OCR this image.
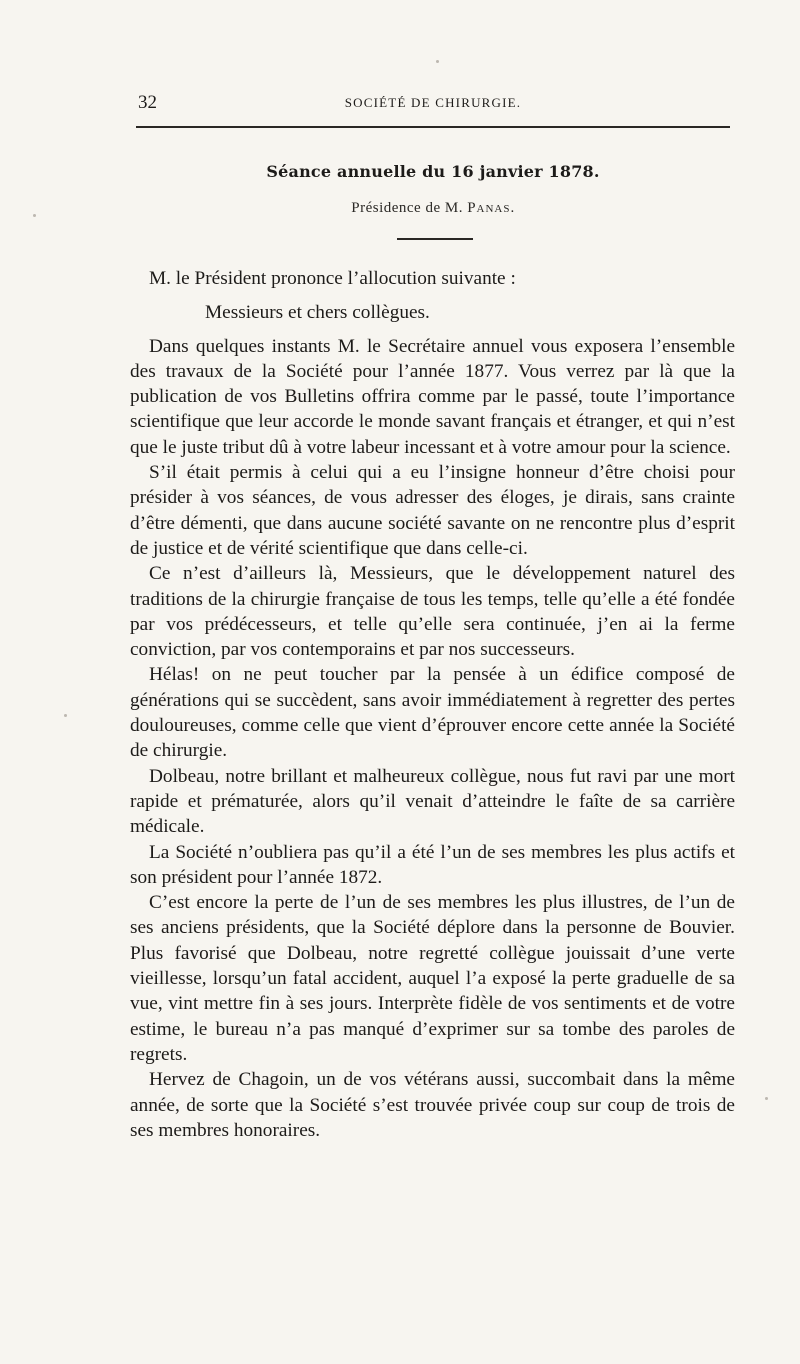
32	SOCIÉTÉ DE CHIRURGIE.
Séance annuelle du 16 janvier 1878.
Présidence de M. Panas.

M. le Président prononce l’allocution suivante :

Messieurs et chers collègues.

Dans quelques instants M. le Secrétaire annuel vous exposera l’ensemble des travaux de la Société pour l’année 1877. Vous verrez par là que la publication de vos Bulletins offrira comme par le passé, toute l’importance scientifique que leur accorde le monde savant français et étranger, et qui n’est que le juste tribut dû à votre labeur incessant et à votre amour pour la science.

S’il était permis à celui qui a eu l’insigne honneur d’être choisi pour présider à vos séances, de vous adresser des éloges, je dirais, sans crainte d’être démenti, que dans aucune société savante on ne rencontre plus d’esprit de justice et de vérité scientifique que dans celle-ci.

Ce n’est d’ailleurs là, Messieurs, que le développement naturel des traditions de la chirurgie française de tous les temps, telle qu’elle a été fondée par vos prédécesseurs, et telle qu’elle sera continuée, j’en ai la ferme conviction, par vos contemporains et par nos successeurs.

Hélas! on ne peut toucher par la pensée à un édifice composé de générations qui se succèdent, sans avoir immédiatement à regretter des pertes douloureuses, comme celle que vient d’éprouver encore cette année la Société de chirurgie.

Dolbeau, notre brillant et malheureux collègue, nous fut ravi par une mort rapide et prématurée, alors qu’il venait d’atteindre le faîte de sa carrière médicale.

La Société n’oubliera pas qu’il a été l’un de ses membres les plus actifs et son président pour l’année 1872.

C’est encore la perte de l’un de ses membres les plus illustres, de l’un de ses anciens présidents, que la Société déplore dans la personne de Bouvier. Plus favorisé que Dolbeau, notre regretté collègue jouissait d’une verte vieillesse, lorsqu’un fatal accident, auquel l’a exposé la perte graduelle de sa vue, vint mettre fin à ses jours. Interprète fidèle de vos sentiments et de votre estime, le bureau n’a pas manqué d’exprimer sur sa tombe des paroles de regrets.

Hervez de Chagoin, un de vos vétérans aussi, succombait dans la même année, de sorte que la Société s’est trouvée privée coup sur coup de trois de ses membres honoraires.
